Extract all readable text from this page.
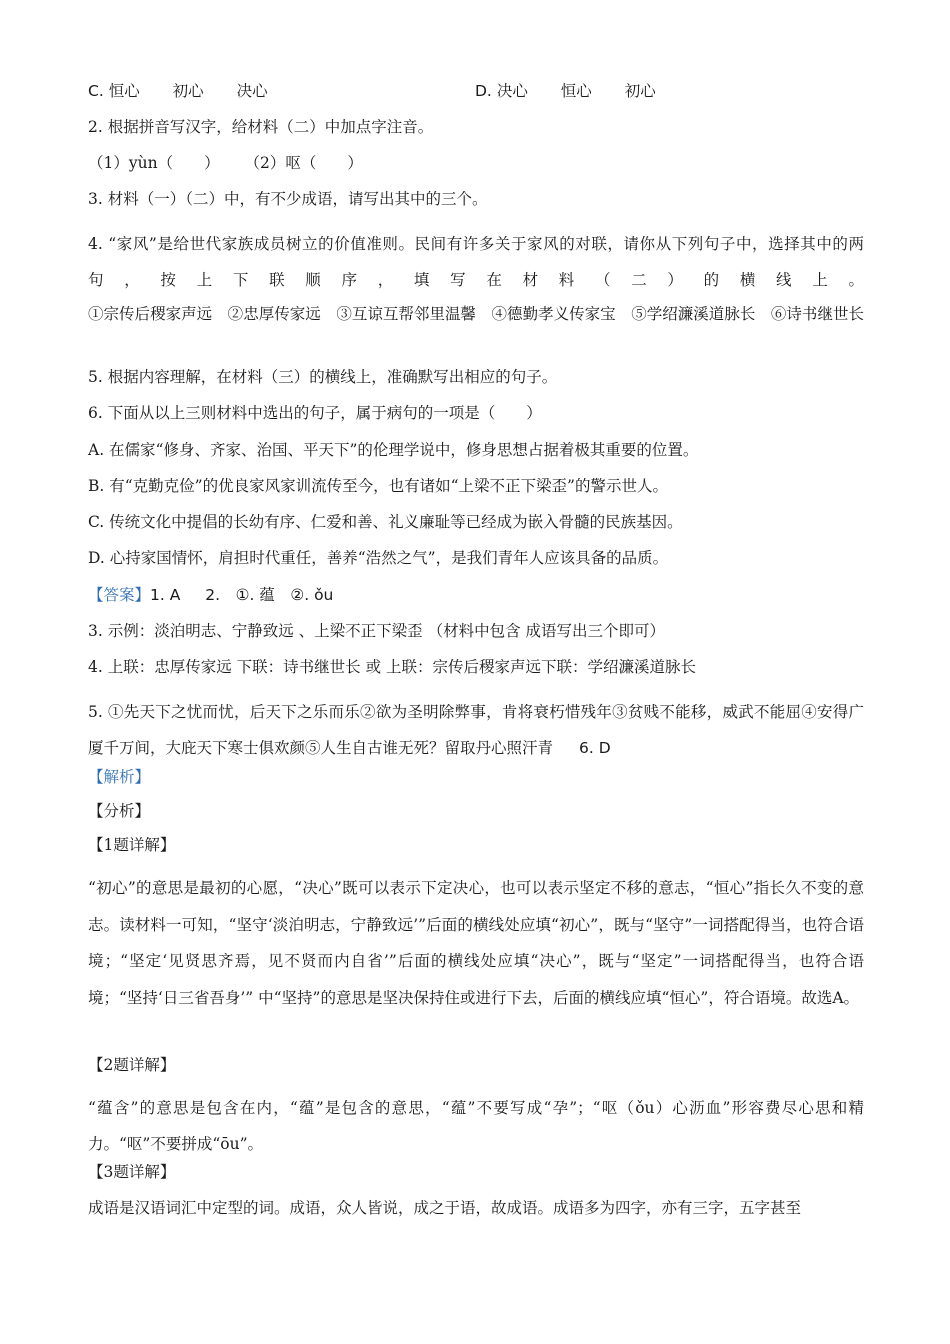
C. 恒心 初心 决心	D. 决心 恒心 初心
2. 根据拼音写汉字，给材料（二）中加点字注音。
（1）yùn（　　） （2）呕（　　）
3. 材料（一）（二）中，有不少成语，请写出其中的三个。
4. “家风”是给世代家族成员树立的价值准则。民间有许多关于家风的对联，请你从下列句子中，选择其中的两句，按上下联顺序，填写在材料（二）的横线上。
①宗传后稷家声远　②忠厚传家远　③互谅互帮邻里温馨　④德勤孝义传家宝　⑤学绍濂溪道脉长　⑥诗书继世长
5. 根据内容理解，在材料（三）的横线上，准确默写出相应的句子。
6. 下面从以上三则材料中选出的句子，属于病句的一项是（　　）
A. 在儒家“修身、齐家、治国、平天下”的伦理学说中，修身思想占据着极其重要的位置。
B. 有“克勤克俭”的优良家风家训流传至今，也有诸如“上梁不正下梁歪”的警示世人。
C. 传统文化中提倡的长幼有序、仁爱和善、礼义廉耻等已经成为嵌入骨髓的民族基因。
D. 心持家国情怀，肩担时代重任，善养“浩然之气”，是我们青年人应该具备的品质。
【答案】1. A 2.　①. 蕴　②. ǒu
3. 示例：淡泊明志、宁静致远 、上梁不正下梁歪 （材料中包含 成语写出三个即可）
4. 上联：忠厚传家远 下联：诗书继世长 或 上联：宗传后稷家声远下联：学绍濂溪道脉长
5. ①先天下之忧而忧，后天下之乐而乐②欲为圣明除弊事，肯将衰朽惜残年③贫贱不能移，威武不能屈④安得广厦千万间，大庇天下寒士俱欢颜⑤人生自古谁无死？留取丹心照汗青 6. D
【解析】
【分析】
【1题详解】
“初心”的意思是最初的心愿，“决心”既可以表示下定决心，也可以表示坚定不移的意志，“恒心”指长久不变的意志。读材料一可知，“坚守‘淡泊明志，宁静致远’”后面的横线处应填“初心”，既与“坚守”一词搭配得当，也符合语境；“坚定‘见贤思齐焉，见不贤而内自省’”后面的横线处应填“决心”，既与“坚定”一词搭配得当，也符合语境；“坚持‘日三省吾身’” 中“坚持”的意思是坚决保持住或进行下去，后面的横线应填“恒心”，符合语境。故选A。
【2题详解】
“蕴含”的意思是包含在内，“蕴”是包含的意思，“蕴”不要写成“孕”；“呕（ǒu）心沥血”形容费尽心思和精力。“呕”不要拼成“ōu”。
【3题详解】
成语是汉语词汇中定型的词。成语，众人皆说，成之于语，故成语。成语多为四字，亦有三字，五字甚至
